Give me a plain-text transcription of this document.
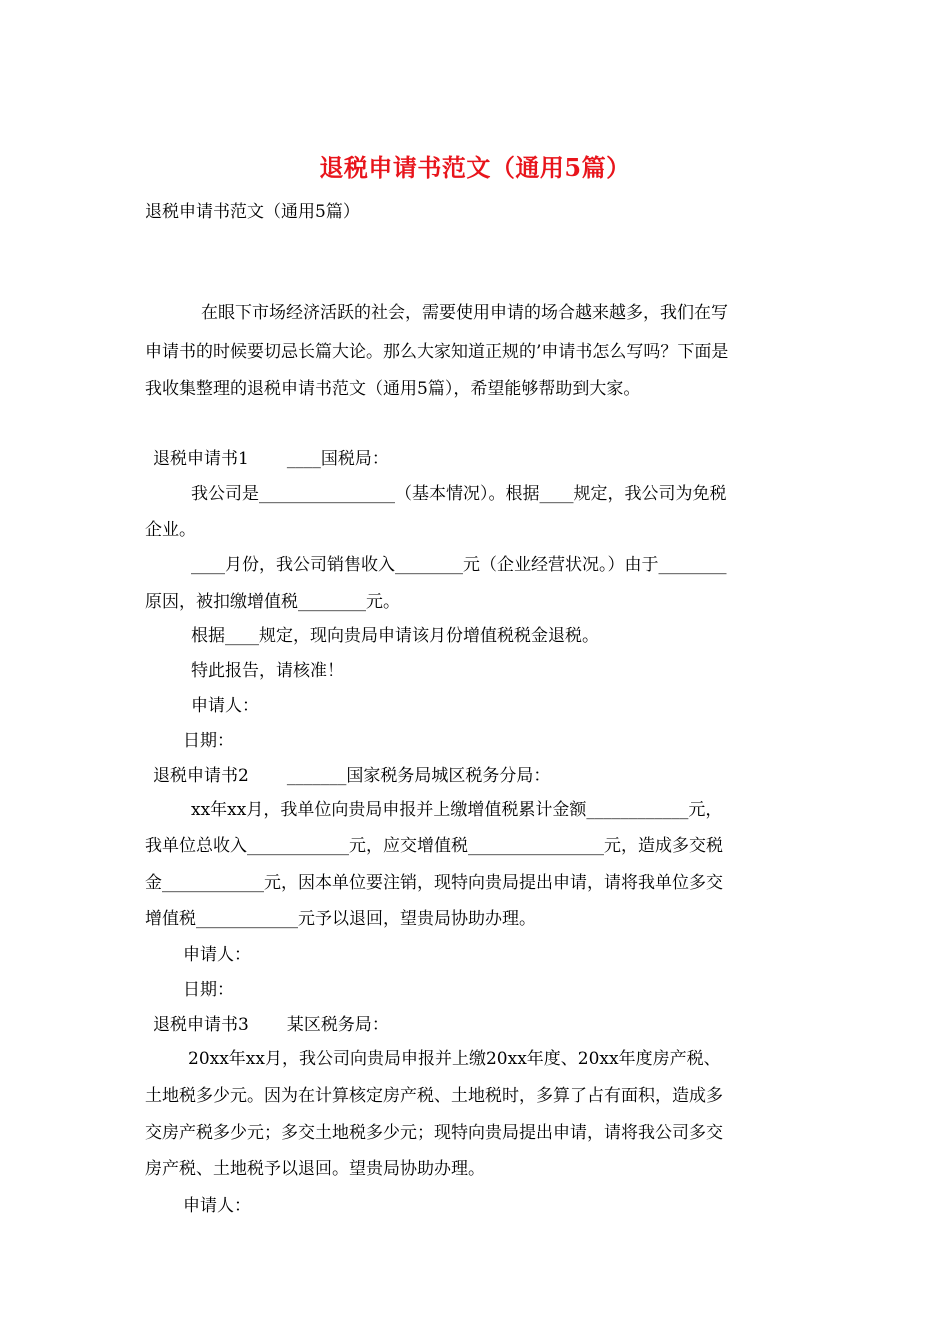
退税申请书范文（通用5篇）
退税申请书范文（通用5篇）
在眼下市场经济活跃的社会，需要使用申请的场合越来越多，我们在写
申请书的时候要切忌长篇大论。那么大家知道正规的’申请书怎么写吗？下面是
我收集整理的退税申请书范文（通用5篇），希望能够帮助到大家。
退税申请书1 ____国税局：
我公司是________________（基本情况）。根据____规定，我公司为免税
企业。
____月份，我公司销售收入________元（企业经营状况。）由于________
原因，被扣缴增值税________元。
根据____规定，现向贵局申请该月份增值税税金退税。
特此报告，请核准！
申请人：
日期：
退税申请书2 _______国家税务局城区税务分局：
xx年xx月，我单位向贵局申报并上缴增值税累计金额____________元，
我单位总收入____________元，应交增值税________________元，造成多交税
金____________元，因本单位要注销，现特向贵局提出申请，请将我单位多交
增值税____________元予以退回，望贵局协助办理。
申请人：
日期：
退税申请书3 某区税务局：
20xx年xx月，我公司向贵局申报并上缴20xx年度、20xx年度房产税、
土地税多少元。因为在计算核定房产税、土地税时，多算了占有面积，造成多
交房产税多少元；多交土地税多少元；现特向贵局提出申请，请将我公司多交
房产税、土地税予以退回。望贵局协助办理。
申请人：
